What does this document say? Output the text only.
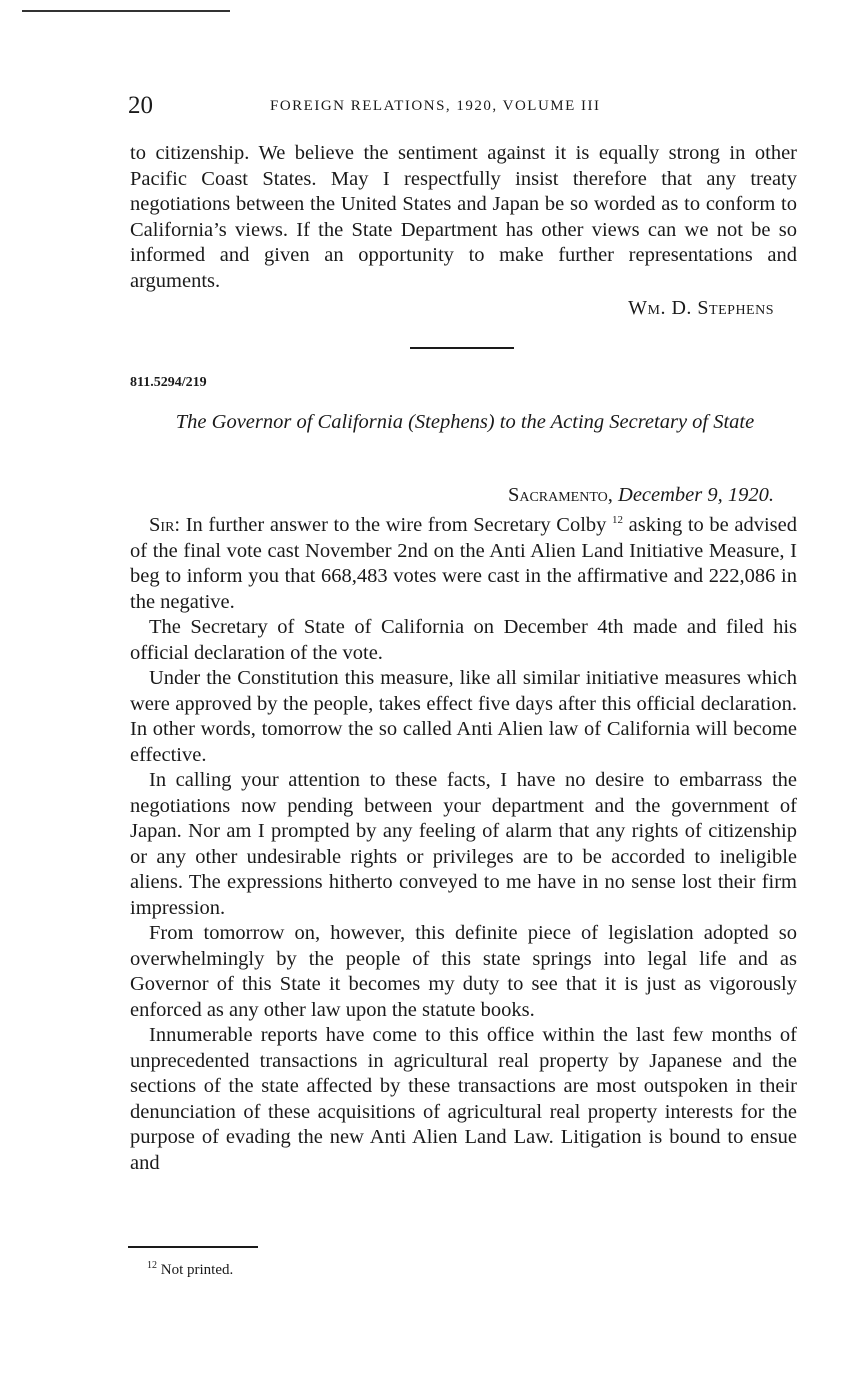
20	FOREIGN RELATIONS, 1920, VOLUME III

to citizenship. We believe the sentiment against it is equally strong in other Pacific Coast States. May I respectfully insist therefore that any treaty negotiations between the United States and Japan be so worded as to conform to California’s views. If the State Department has other views can we not be so informed and given an opportunity to make further representations and arguments.

Wm. D. Stephens
811.5294/219
The Governor of California (Stephens) to the Acting Secretary of State
Sacramento, December 9, 1920.

Sir: In further answer to the wire from Secretary Colby $^{12}$ asking to be advised of the final vote cast November 2nd on the Anti Alien Land Initiative Measure, I beg to inform you that 668,483 votes were cast in the affirmative and 222,086 in the negative.

The Secretary of State of California on December 4th made and filed his official declaration of the vote.

Under the Constitution this measure, like all similar initiative measures which were approved by the people, takes effect five days after this official declaration. In other words, tomorrow the so called Anti Alien law of California will become effective.

In calling your attention to these facts, I have no desire to embarrass the negotiations now pending between your department and the government of Japan. Nor am I prompted by any feeling of alarm that any rights of citizenship or any other undesirable rights or privileges are to be accorded to ineligible aliens. The expressions hitherto conveyed to me have in no sense lost their firm impression.

From tomorrow on, however, this definite piece of legislation adopted so overwhelmingly by the people of this state springs into legal life and as Governor of this State it becomes my duty to see that it is just as vigorously enforced as any other law upon the statute books.

Innumerable reports have come to this office within the last few months of unprecedented transactions in agricultural real property by Japanese and the sections of the state affected by these transactions are most outspoken in their denunciation of these acquisitions of agricultural real property interests for the purpose of evading the new Anti Alien Land Law. Litigation is bound to ensue and

$^{12}$ Not printed.
